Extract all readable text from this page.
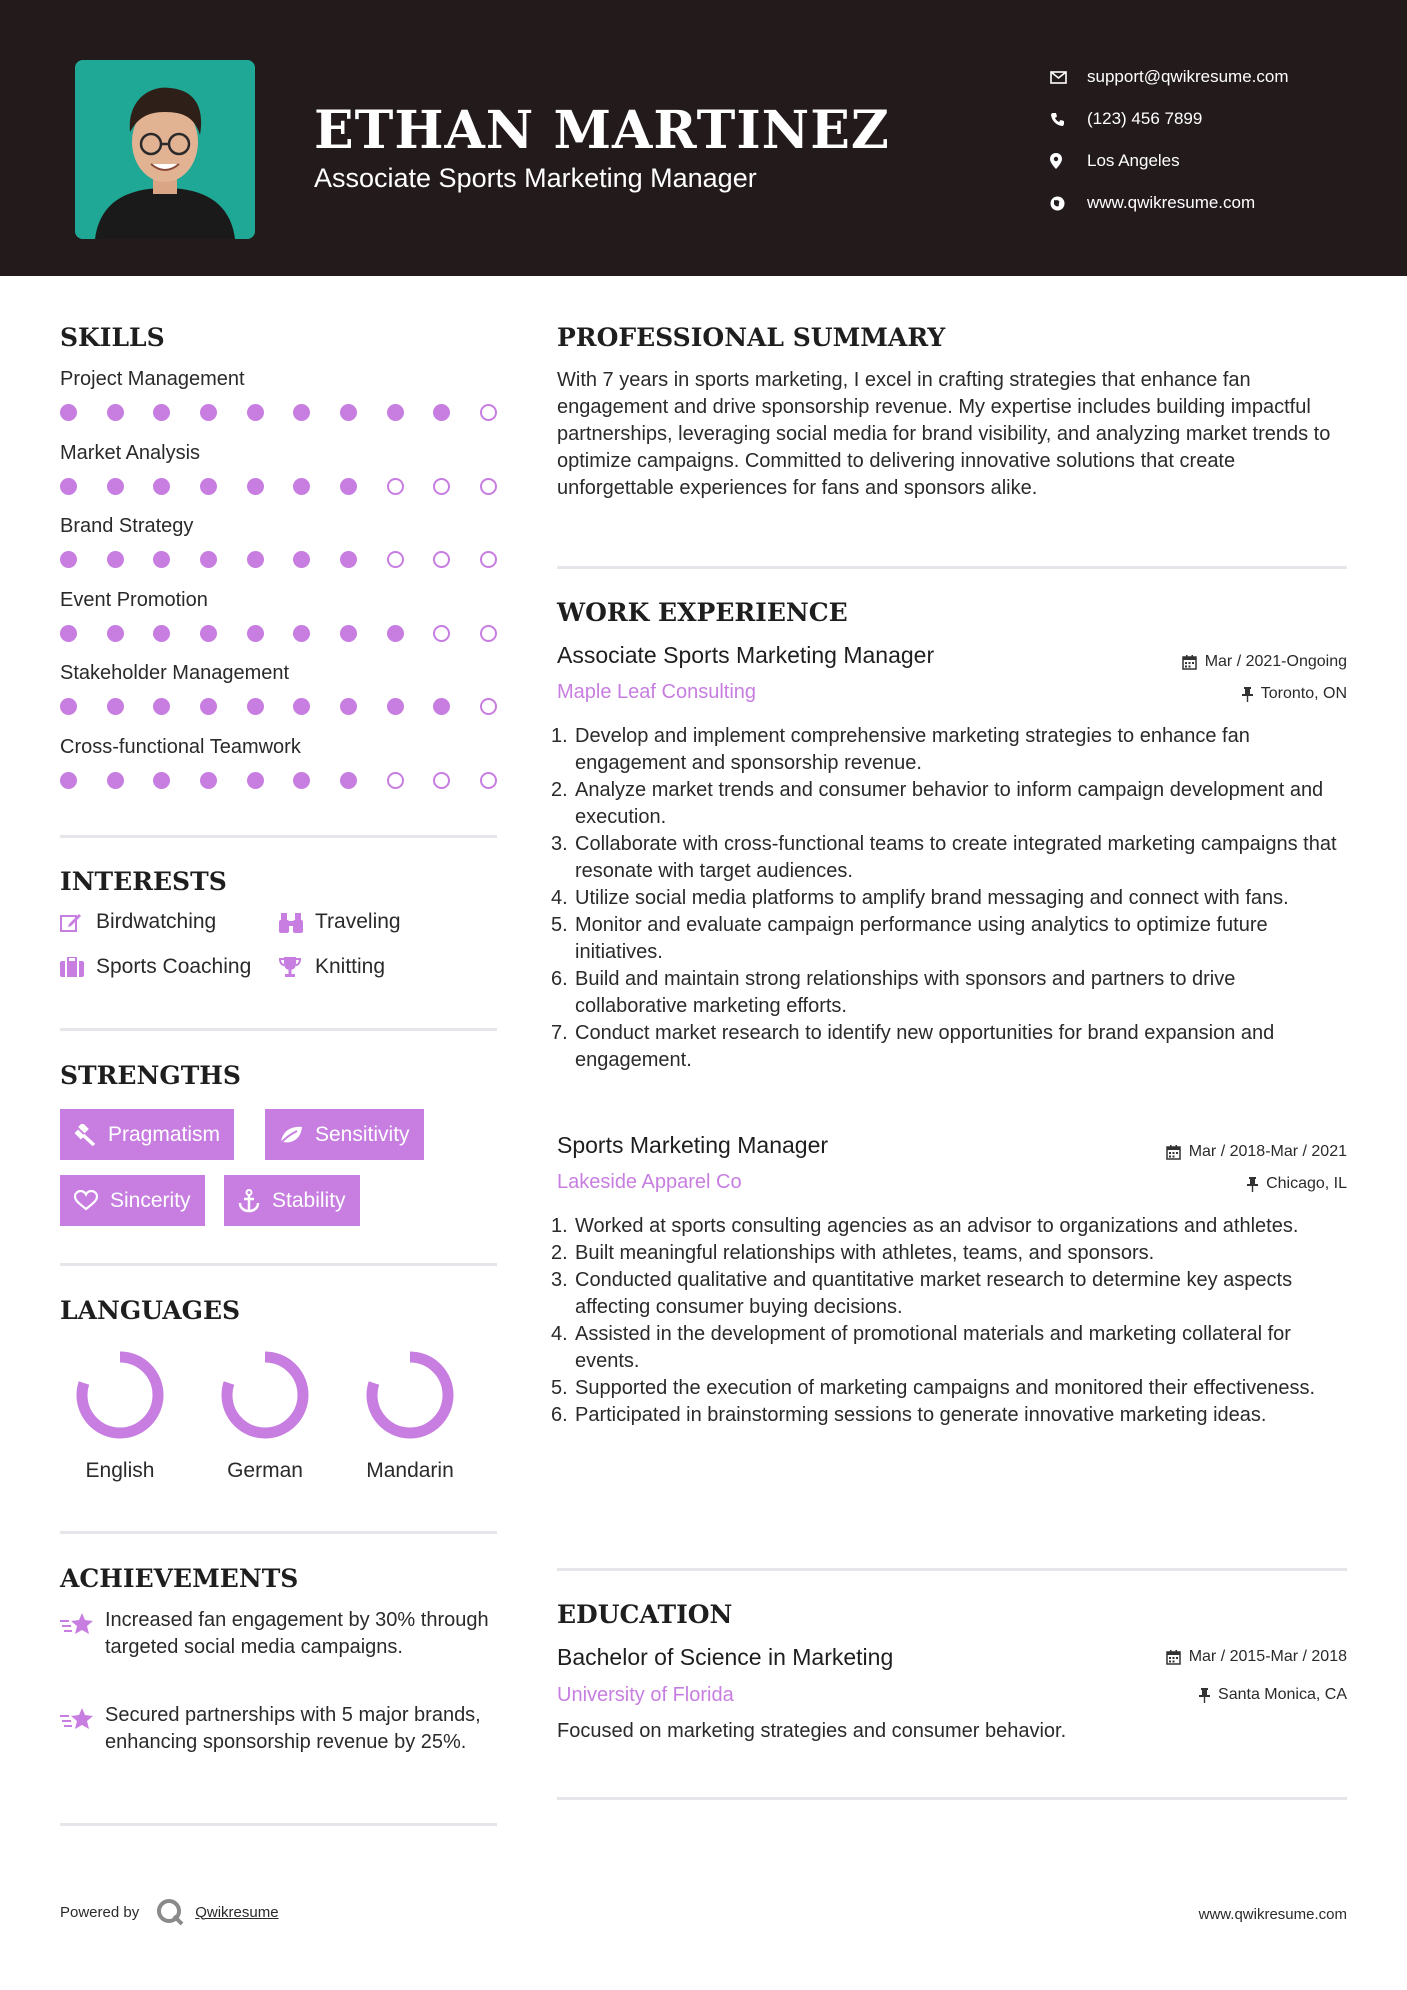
ETHAN MARTINEZ
Associate Sports Marketing Manager
support@qwikresume.com
(123) 456 7899
Los Angeles
www.qwikresume.com
SKILLS
Project Management
Market Analysis
Brand Strategy
Event Promotion
Stakeholder Management
Cross-functional Teamwork
INTERESTS
Birdwatching	Traveling
Sports Coaching	Knitting
STRENGTHS
Pragmatism	Sensitivity
Sincerity	Stability
LANGUAGES
English	German	Mandarin
ACHIEVEMENTS
Increased fan engagement by 30% through targeted social media campaigns.
Secured partnerships with 5 major brands, enhancing sponsorship revenue by 25%.
PROFESSIONAL SUMMARY
With 7 years in sports marketing, I excel in crafting strategies that enhance fan engagement and drive sponsorship revenue. My expertise includes building impactful partnerships, leveraging social media for brand visibility, and analyzing market trends to optimize campaigns. Committed to delivering innovative solutions that create unforgettable experiences for fans and sponsors alike.
WORK EXPERIENCE
Associate Sports Marketing Manager	Mar / 2021-Ongoing
Maple Leaf Consulting	Toronto, ON
Develop and implement comprehensive marketing strategies to enhance fan engagement and sponsorship revenue.
Analyze market trends and consumer behavior to inform campaign development and execution.
Collaborate with cross-functional teams to create integrated marketing campaigns that resonate with target audiences.
Utilize social media platforms to amplify brand messaging and connect with fans.
Monitor and evaluate campaign performance using analytics to optimize future initiatives.
Build and maintain strong relationships with sponsors and partners to drive collaborative marketing efforts.
Conduct market research to identify new opportunities for brand expansion and engagement.
Sports Marketing Manager	Mar / 2018-Mar / 2021
Lakeside Apparel Co	Chicago, IL
Worked at sports consulting agencies as an advisor to organizations and athletes.
Built meaningful relationships with athletes, teams, and sponsors.
Conducted qualitative and quantitative market research to determine key aspects affecting consumer buying decisions.
Assisted in the development of promotional materials and marketing collateral for events.
Supported the execution of marketing campaigns and monitored their effectiveness.
Participated in brainstorming sessions to generate innovative marketing ideas.
EDUCATION
Bachelor of Science in Marketing	Mar / 2015-Mar / 2018
University of Florida	Santa Monica, CA
Focused on marketing strategies and consumer behavior.
Powered by	Qwikresume	www.qwikresume.com
